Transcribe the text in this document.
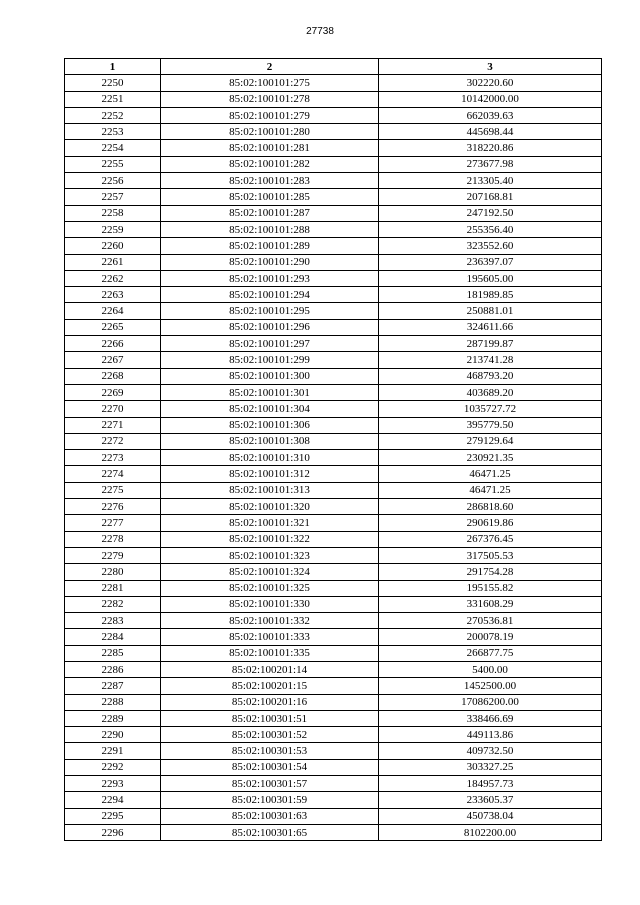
27738
1	2	3
2250	85:02:100101:275	302220.60
2251	85:02:100101:278	10142000.00
2252	85:02:100101:279	662039.63
2253	85:02:100101:280	445698.44
2254	85:02:100101:281	318220.86
2255	85:02:100101:282	273677.98
2256	85:02:100101:283	213305.40
2257	85:02:100101:285	207168.81
2258	85:02:100101:287	247192.50
2259	85:02:100101:288	255356.40
2260	85:02:100101:289	323552.60
2261	85:02:100101:290	236397.07
2262	85:02:100101:293	195605.00
2263	85:02:100101:294	181989.85
2264	85:02:100101:295	250881.01
2265	85:02:100101:296	324611.66
2266	85:02:100101:297	287199.87
2267	85:02:100101:299	213741.28
2268	85:02:100101:300	468793.20
2269	85:02:100101:301	403689.20
2270	85:02:100101:304	1035727.72
2271	85:02:100101:306	395779.50
2272	85:02:100101:308	279129.64
2273	85:02:100101:310	230921.35
2274	85:02:100101:312	46471.25
2275	85:02:100101:313	46471.25
2276	85:02:100101:320	286818.60
2277	85:02:100101:321	290619.86
2278	85:02:100101:322	267376.45
2279	85:02:100101:323	317505.53
2280	85:02:100101:324	291754.28
2281	85:02:100101:325	195155.82
2282	85:02:100101:330	331608.29
2283	85:02:100101:332	270536.81
2284	85:02:100101:333	200078.19
2285	85:02:100101:335	266877.75
2286	85:02:100201:14	5400.00
2287	85:02:100201:15	1452500.00
2288	85:02:100201:16	17086200.00
2289	85:02:100301:51	338466.69
2290	85:02:100301:52	449113.86
2291	85:02:100301:53	409732.50
2292	85:02:100301:54	303327.25
2293	85:02:100301:57	184957.73
2294	85:02:100301:59	233605.37
2295	85:02:100301:63	450738.04
2296	85:02:100301:65	8102200.00
